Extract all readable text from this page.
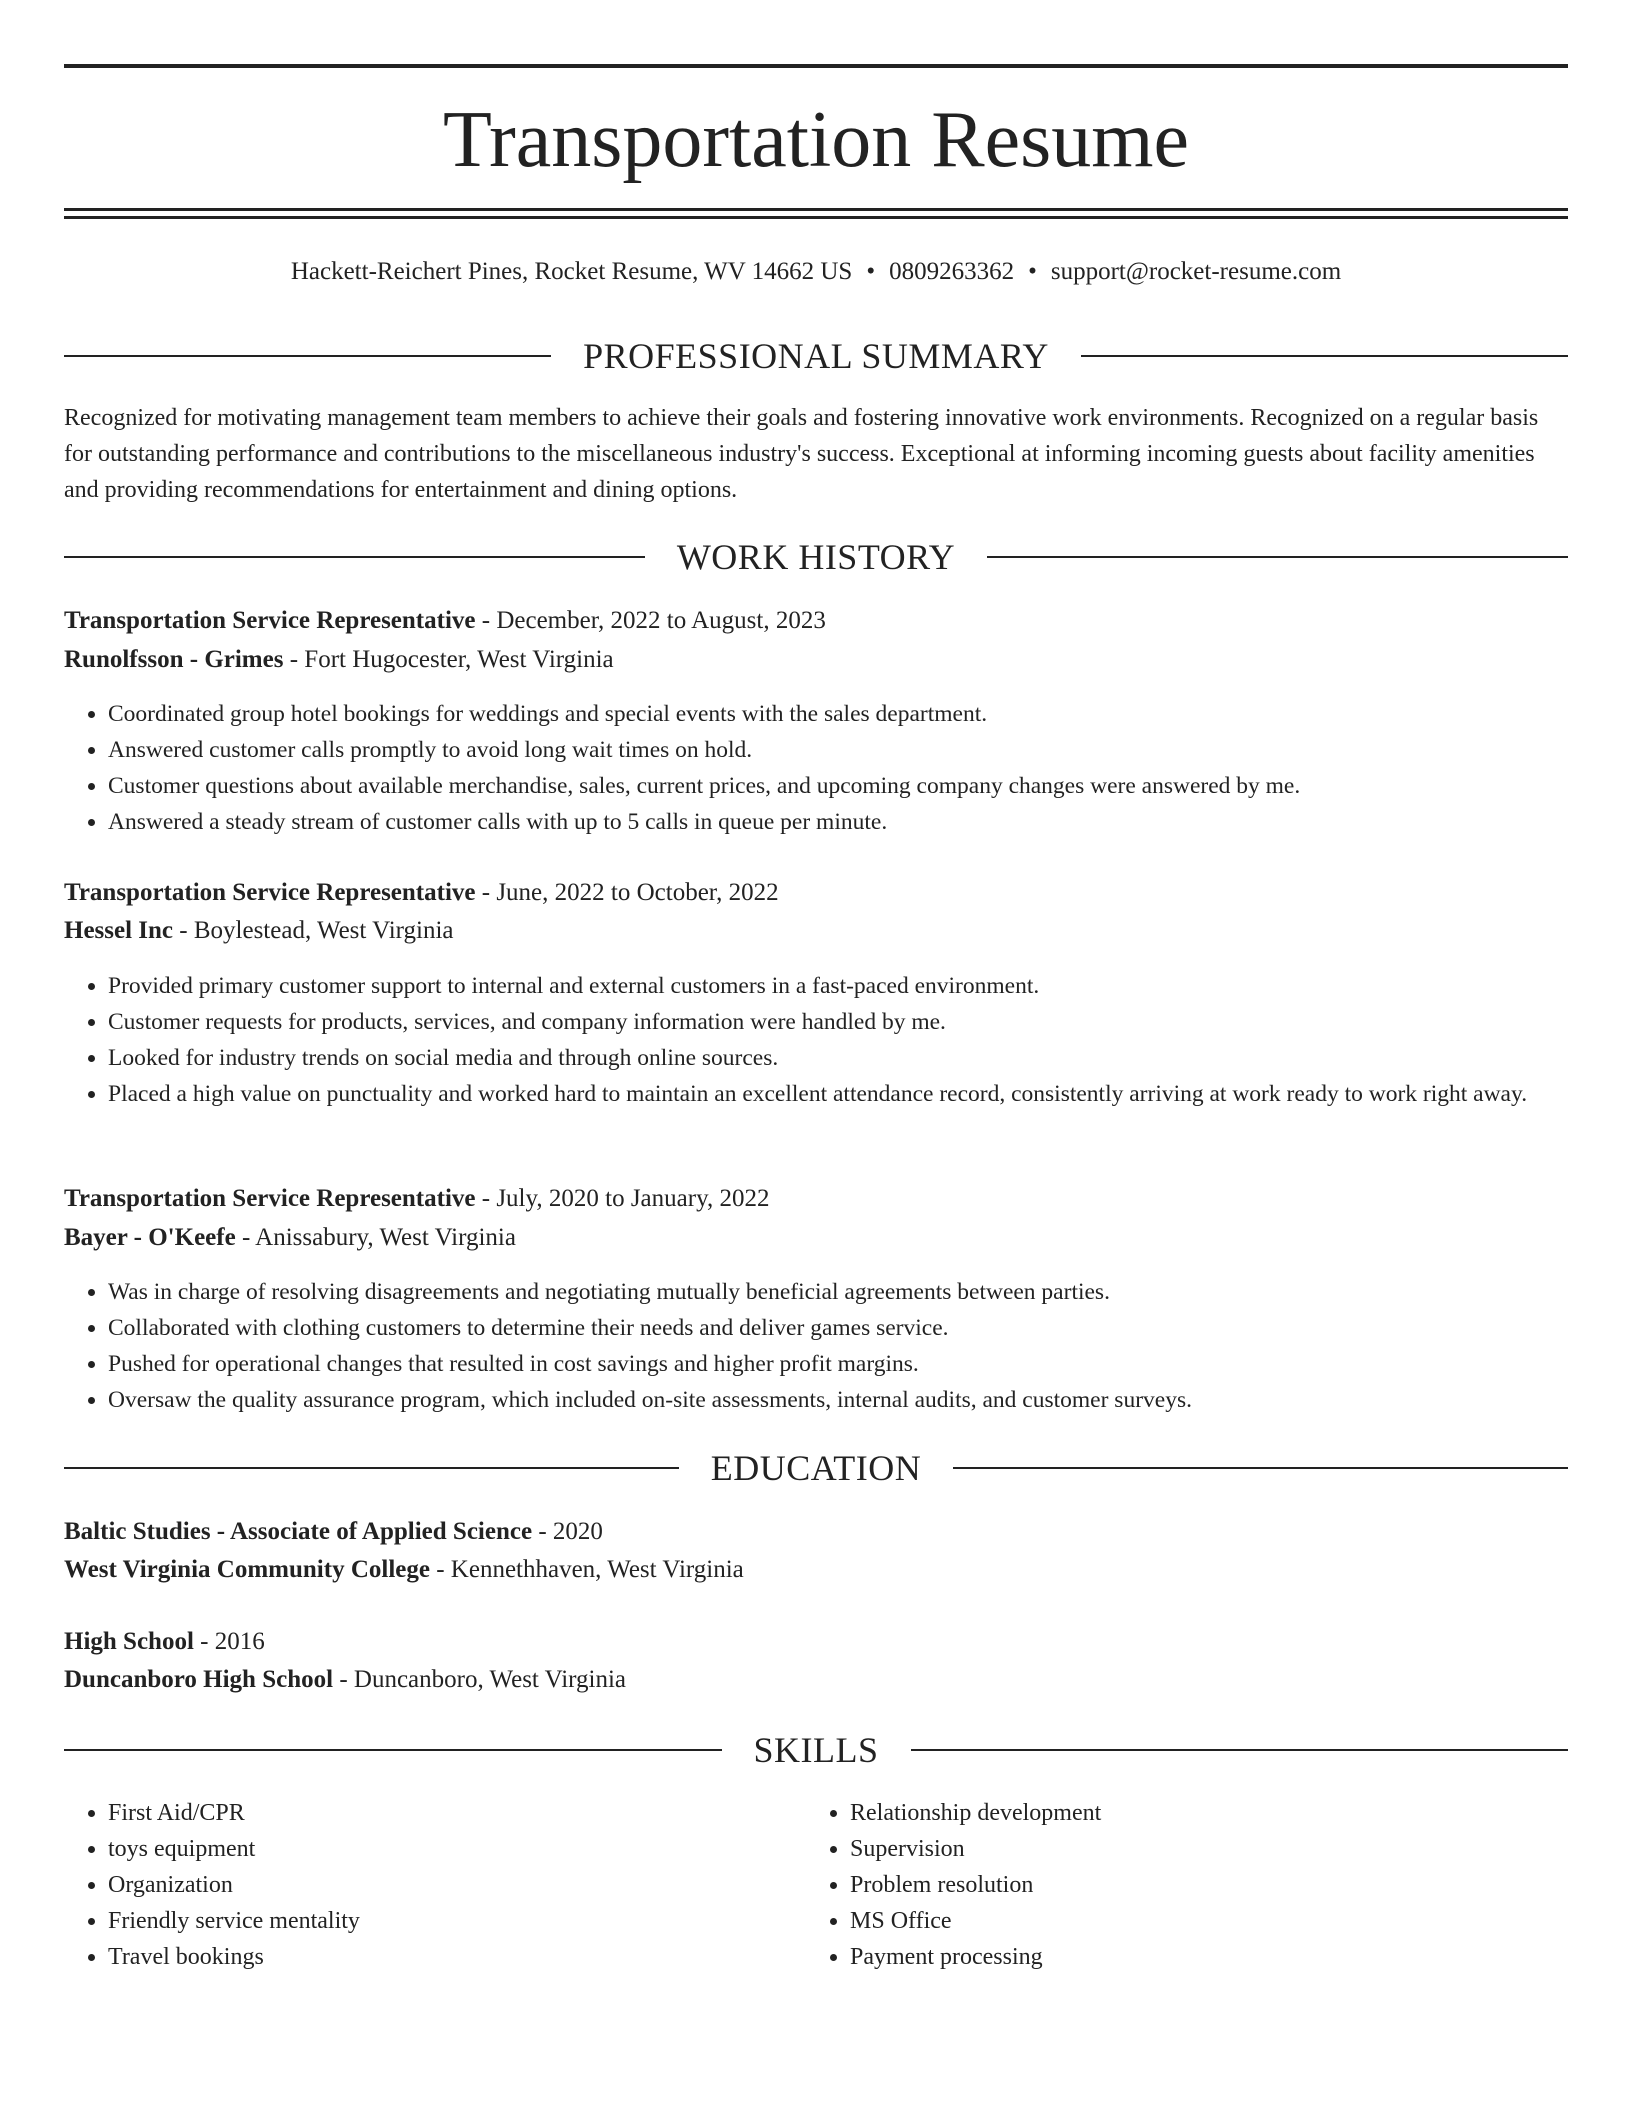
Transportation Resume
Hackett-Reichert Pines, Rocket Resume, WV 14662 US • 0809263362 • support@rocket-resume.com
PROFESSIONAL SUMMARY

Recognized for motivating management team members to achieve their goals and fostering innovative work environments. Recognized on a regular basis for outstanding performance and contributions to the miscellaneous industry's success. Exceptional at informing incoming guests about facility amenities and providing recommendations for entertainment and dining options.

WORK HISTORY
Transportation Service Representative - December, 2022 to August, 2023
Runolfsson - Grimes - Fort Hugocester, West Virginia
• Coordinated group hotel bookings for weddings and special events with the sales department.
• Answered customer calls promptly to avoid long wait times on hold.
• Customer questions about available merchandise, sales, current prices, and upcoming company changes were answered by me.
• Answered a steady stream of customer calls with up to 5 calls in queue per minute.
Transportation Service Representative - June, 2022 to October, 2022
Hessel Inc - Boylestead, West Virginia
• Provided primary customer support to internal and external customers in a fast-paced environment.
• Customer requests for products, services, and company information were handled by me.
• Looked for industry trends on social media and through online sources.
• Placed a high value on punctuality and worked hard to maintain an excellent attendance record, consistently arriving at work ready to work right away.
Transportation Service Representative - July, 2020 to January, 2022
Bayer - O'Keefe - Anissabury, West Virginia
• Was in charge of resolving disagreements and negotiating mutually beneficial agreements between parties.
• Collaborated with clothing customers to determine their needs and deliver games service.
• Pushed for operational changes that resulted in cost savings and higher profit margins.
• Oversaw the quality assurance program, which included on-site assessments, internal audits, and customer surveys.
EDUCATION
Baltic Studies - Associate of Applied Science - 2020
West Virginia Community College - Kennethhaven, West Virginia
High School - 2016
Duncanboro High School - Duncanboro, West Virginia
SKILLS
• First Aid/CPR
• toys equipment
• Organization
• Friendly service mentality
• Travel bookings
• Relationship development
• Supervision
• Problem resolution
• MS Office
• Payment processing
